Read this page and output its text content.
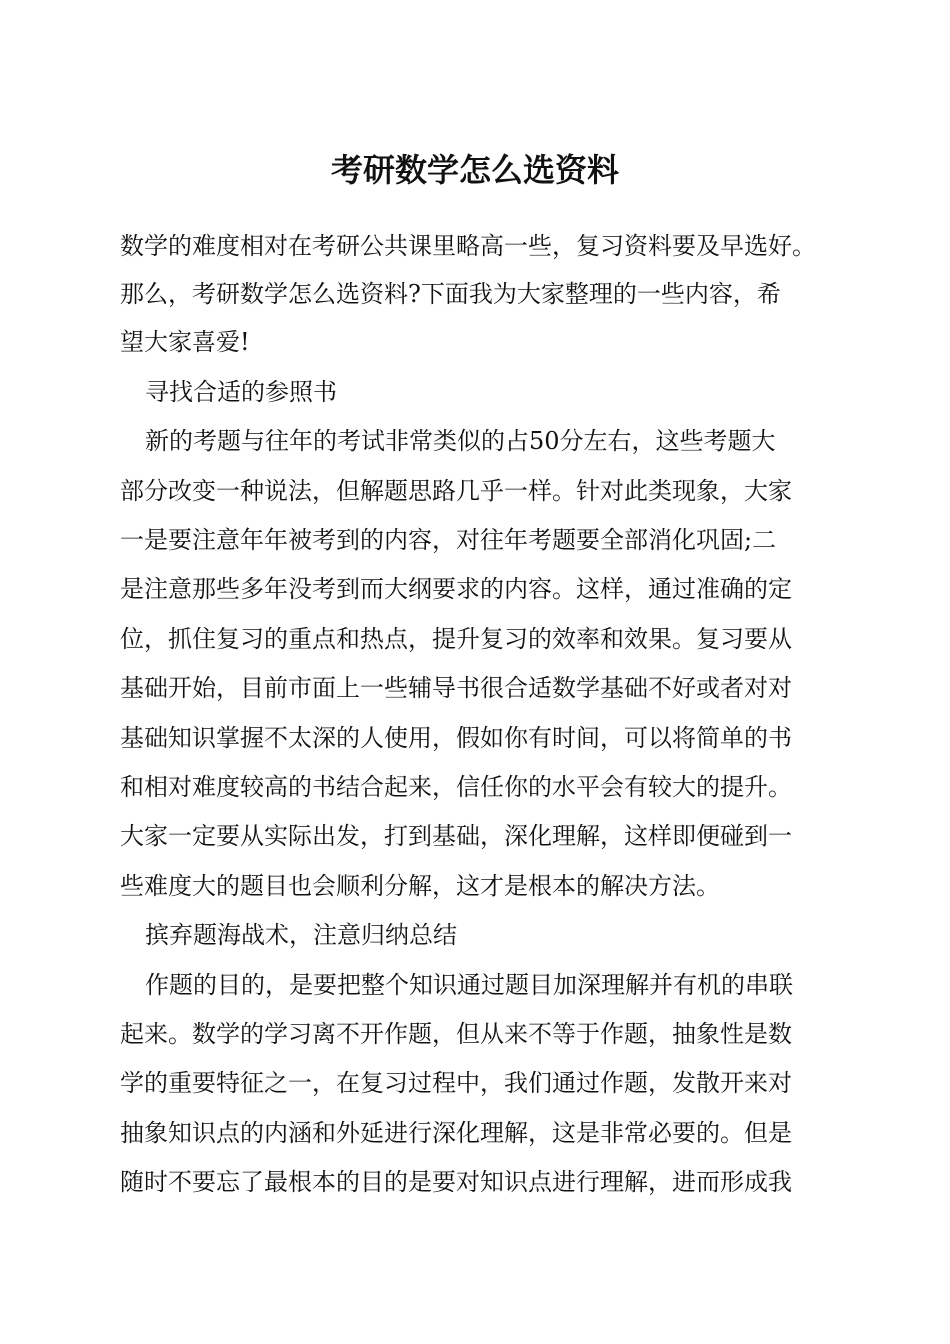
考研数学怎么选资料

数学的难度相对在考研公共课里略高一些，复习资料要及早选好。

那么，考研数学怎么选资料?下面我为大家整理的一些内容，希

望大家喜爱!

寻找合适的参照书

新的考题与往年的考试非常类似的占50分左右，这些考题大

部分改变一种说法，但解题思路几乎一样。针对此类现象，大家

一是要注意年年被考到的内容，对往年考题要全部消化巩固;二

是注意那些多年没考到而大纲要求的内容。这样，通过准确的定

位，抓住复习的重点和热点，提升复习的效率和效果。复习要从

基础开始，目前市面上一些辅导书很合适数学基础不好或者对对

基础知识掌握不太深的人使用，假如你有时间，可以将简单的书

和相对难度较高的书结合起来，信任你的水平会有较大的提升。

大家一定要从实际出发，打到基础，深化理解，这样即便碰到一

些难度大的题目也会顺利分解，这才是根本的解决方法。

摈弃题海战术，注意归纳总结

作题的目的，是要把整个知识通过题目加深理解并有机的串联

起来。数学的学习离不开作题，但从来不等于作题，抽象性是数

学的重要特征之一，在复习过程中，我们通过作题，发散开来对

抽象知识点的内涵和外延进行深化理解，这是非常必要的。但是

随时不要忘了最根本的目的是要对知识点进行理解，进而形成我
